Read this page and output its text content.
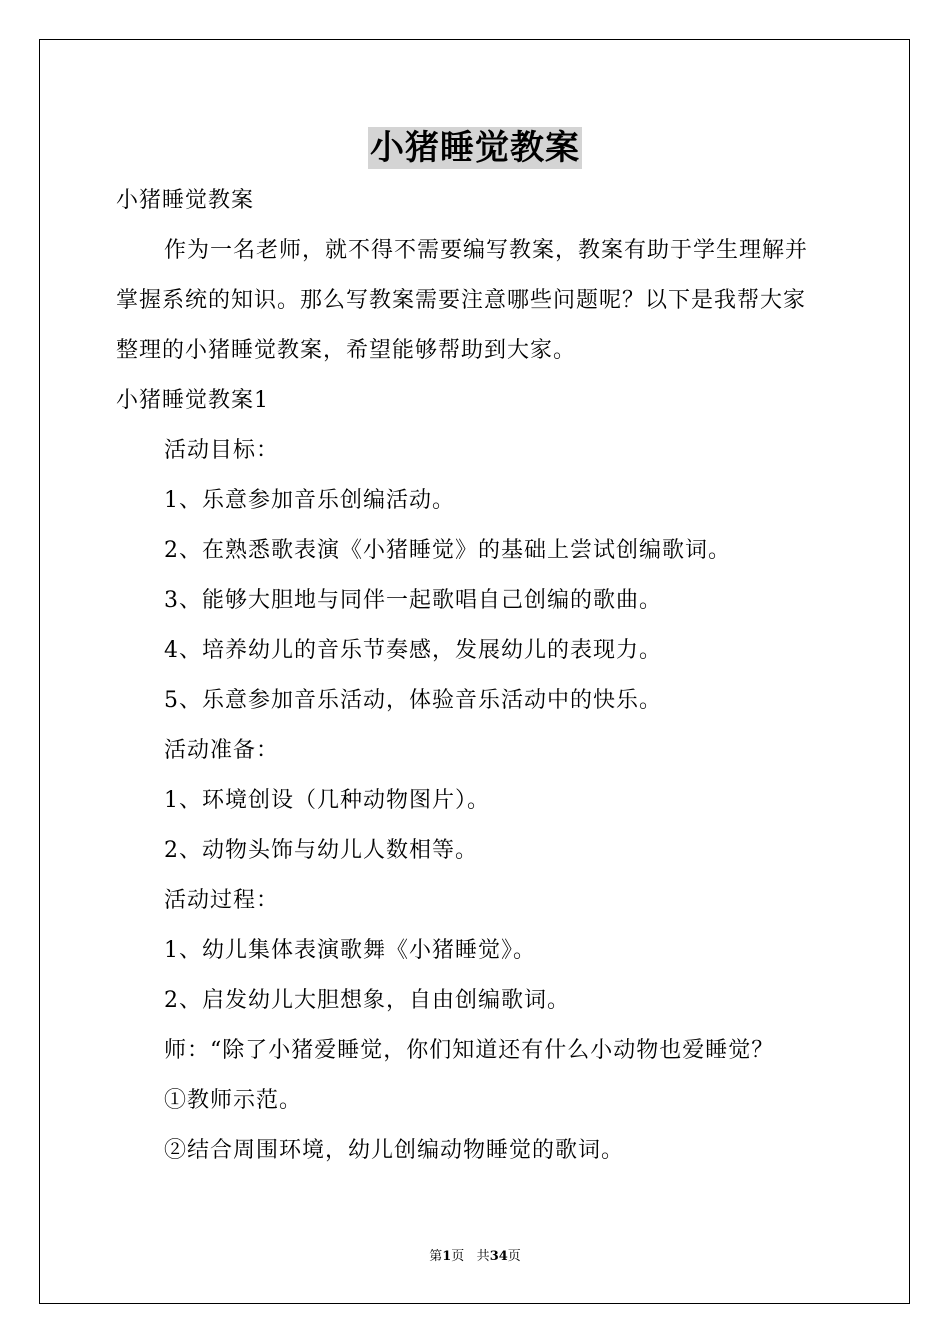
小猪睡觉教案
小猪睡觉教案
作为一名老师，就不得不需要编写教案，教案有助于学生理解并
掌握系统的知识。那么写教案需要注意哪些问题呢？以下是我帮大家
整理的小猪睡觉教案，希望能够帮助到大家。
小猪睡觉教案1
活动目标：
1、乐意参加音乐创编活动。
2、在熟悉歌表演《小猪睡觉》的基础上尝试创编歌词。
3、能够大胆地与同伴一起歌唱自己创编的歌曲。
4、培养幼儿的音乐节奏感，发展幼儿的表现力。
5、乐意参加音乐活动，体验音乐活动中的快乐。
活动准备：
1、环境创设（几种动物图片）。
2、动物头饰与幼儿人数相等。
活动过程：
1、幼儿集体表演歌舞《小猪睡觉》。
2、启发幼儿大胆想象，自由创编歌词。
师：“除了小猪爱睡觉，你们知道还有什么小动物也爱睡觉？
①教师示范。
②结合周围环境，幼儿创编动物睡觉的歌词。
第1页 共34页
